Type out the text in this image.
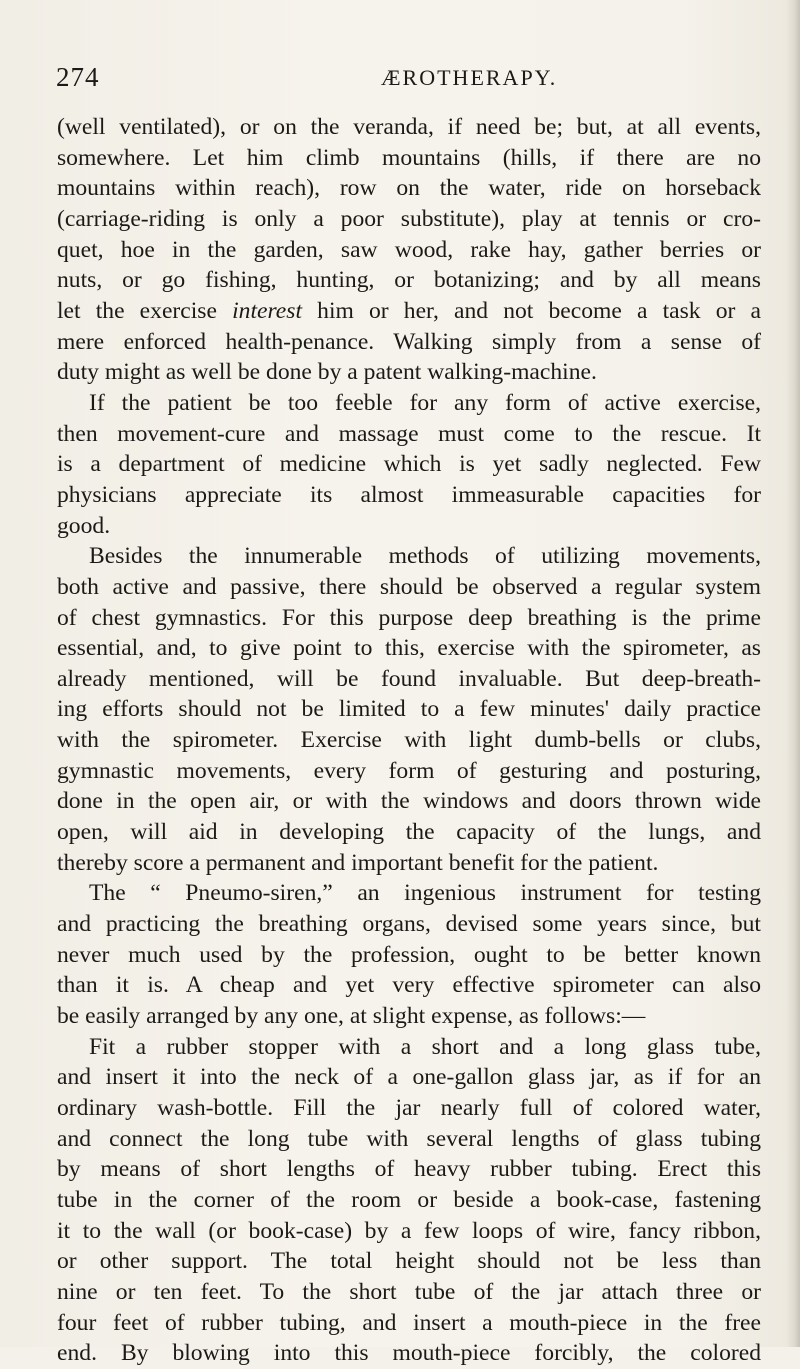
274	ÆROTHERAPY.
(well ventilated), or on the veranda, if need be; but, at all events,
somewhere. Let him climb mountains (hills, if there are no
mountains within reach), row on the water, ride on horseback
(carriage-riding is only a poor substitute), play at tennis or cro-
quet, hoe in the garden, saw wood, rake hay, gather berries or
nuts, or go fishing, hunting, or botanizing; and by all means
let the exercise interest him or her, and not become a task or a
mere enforced health-penance. Walking simply from a sense of
duty might as well be done by a patent walking-machine.
If the patient be too feeble for any form of active exercise,
then movement-cure and massage must come to the rescue. It
is a department of medicine which is yet sadly neglected. Few
physicians appreciate its almost immeasurable capacities for
good.
Besides the innumerable methods of utilizing movements,
both active and passive, there should be observed a regular system
of chest gymnastics. For this purpose deep breathing is the prime
essential, and, to give point to this, exercise with the spirometer, as
already mentioned, will be found invaluable. But deep-breath-
ing efforts should not be limited to a few minutes' daily practice
with the spirometer. Exercise with light dumb-bells or clubs,
gymnastic movements, every form of gesturing and posturing,
done in the open air, or with the windows and doors thrown wide
open, will aid in developing the capacity of the lungs, and
thereby score a permanent and important benefit for the patient.
The “ Pneumo-siren,” an ingenious instrument for testing
and practicing the breathing organs, devised some years since, but
never much used by the profession, ought to be better known
than it is. A cheap and yet very effective spirometer can also
be easily arranged by any one, at slight expense, as follows:—
Fit a rubber stopper with a short and a long glass tube,
and insert it into the neck of a one-gallon glass jar, as if for an
ordinary wash-bottle. Fill the jar nearly full of colored water,
and connect the long tube with several lengths of glass tubing
by means of short lengths of heavy rubber tubing. Erect this
tube in the corner of the room or beside a book-case, fastening
it to the wall (or book-case) by a few loops of wire, fancy ribbon,
or other support. The total height should not be less than
nine or ten feet. To the short tube of the jar attach three or
four feet of rubber tubing, and insert a mouth-piece in the free
end. By blowing into this mouth-piece forcibly, the colored
